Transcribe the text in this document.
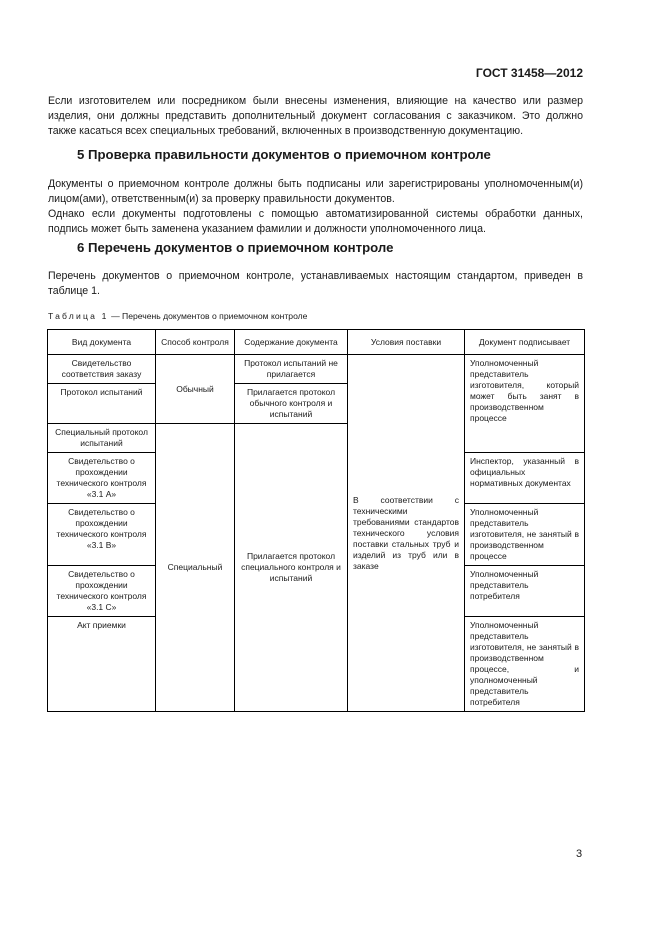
ГОСТ 31458—2012
Если изготовителем или посредником были внесены изменения, влияющие на качество или размер изделия, они должны представить дополнительный документ согласования с заказчиком. Это должно также касаться всех специальных требований, включенных в производственную документацию.
5 Проверка правильности документов о приемочном контроле
Документы о приемочном контроле должны быть подписаны или зарегистрированы уполномоченным(и) лицом(ами), ответственным(и) за проверку правильности документов.
Однако если документы подготовлены с помощью автоматизированной системы обработки данных, подпись может быть заменена указанием фамилии и должности уполномоченного лица.
6 Перечень документов о приемочном контроле
Перечень документов о приемочном контроле, устанавливаемых настоящим стандартом, приведен в таблице 1.
Таблица 1 — Перечень документов о приемочном контроле
Вид документа	Способ контроля	Содержание документа	Условия поставки	Документ подписывает
Свидетельство соответствия заказу	Обычный	Протокол испытаний не прилагается	В соответствии с техническими требованиями стандартов технического условия поставки стальных труб и изделий из труб или в заказе	Уполномоченный представитель изготовителя, который может быть занят в производственном процессе
Протокол испытаний		Прилагается протокол обычного контроля и испытаний		
Специальный протокол испытаний	Специальный	Прилагается протокол специального контроля и испытаний		
Свидетельство о прохождении технического контроля «3.1 А»				Инспектор, указанный в официальных нормативных документах
Свидетельство о прохождении технического контроля «3.1 В»				Уполномоченный представитель изготовителя, не занятый в производственном процессе
Свидетельство о прохождении технического контроля «3.1 С»				Уполномоченный представитель потребителя
Акт приемки				Уполномоченный представитель изготовителя, не занятый в производственном процессе, и уполномоченный представитель потребителя
3
